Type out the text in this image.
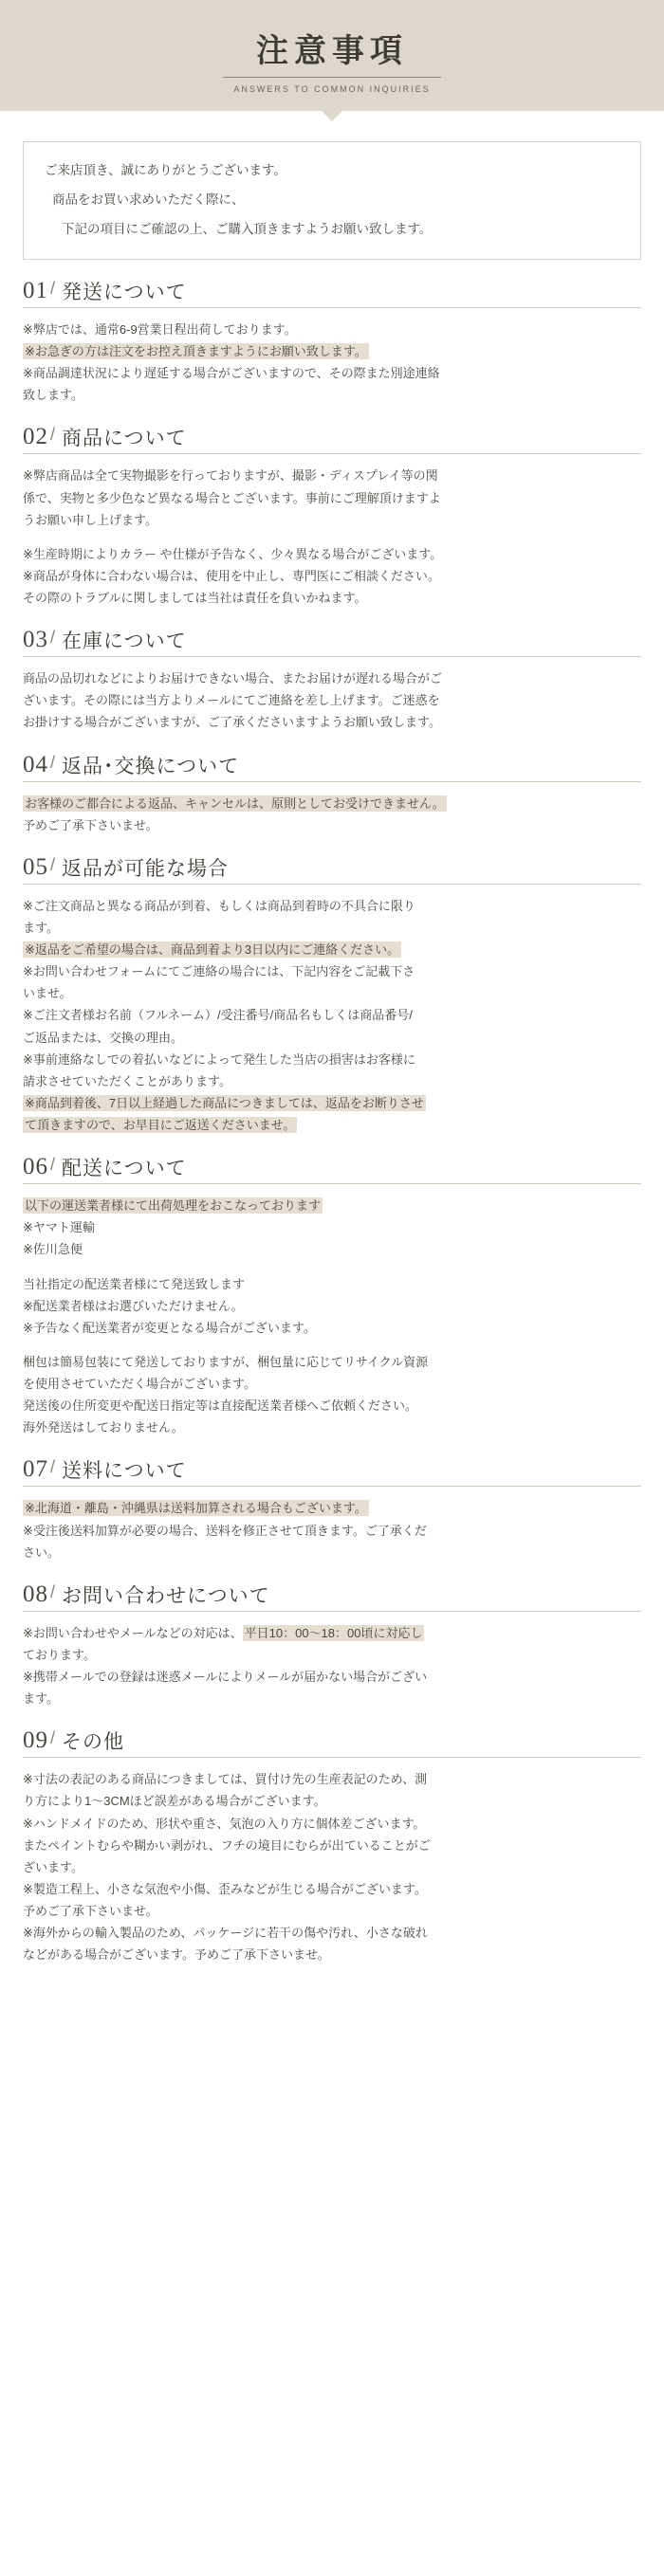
注意事項

ANSWERS TO COMMON INQUIRIES

ご来店頂き、誠にありがとうございます。

商品をお買い求めいただく際に、

下記の項目にご確認の上、ご購入頂きますようお願い致します。

01 / 発送について

※弊店では、通常6-9営業日程出荷しております。

※お急ぎの方は注文をお控え頂きますようにお願い致します。

※商品調達状況により遅延する場合がございますので、その際また別途連絡

致します。

02 / 商品について

※弊店商品は全て実物撮影を行っておりますが、撮影・ディスプレイ等の関

係で、実物と多少色など異なる場合とございます。事前にご理解頂けますよ

うお願い申し上げます。

※生産時期によりカラー や仕様が予告なく、少々異なる場合がございます。

※商品が身体に合わない場合は、使用を中止し、専門医にご相談ください。

その際のトラブルに関しましては当社は責任を負いかねます。

03 / 在庫について

商品の品切れなどによりお届けできない場合、またお届けが遅れる場合がご

ざいます。その際には当方よりメールにてご連絡を差し上げます。ご迷惑を

お掛けする場合がございますが、ご了承くださいますようお願い致します。

04 / 返品･交換について

お客様のご都合による返品、キャンセルは、原則としてお受けできません。

予めご了承下さいませ。

05 / 返品が可能な場合

※ご注文商品と異なる商品が到着、もしくは商品到着時の不具合に限り

ます。

※返品をご希望の場合は、商品到着より3日以内にご連絡ください。

※お問い合わせフォームにてご連絡の場合には、下記内容をご記載下さ

いませ。

※ご注文者様お名前（フルネーム）/受注番号/商品名もしくは商品番号/

ご返品または、交換の理由。

※事前連絡なしでの着払いなどによって発生した当店の損害はお客様に

請求させていただくことがあります。

※商品到着後、7日以上経過した商品につきましては、返品をお断りさせ

て頂きますので、お早目にご返送くださいませ。

06 / 配送について

以下の運送業者様にて出荷処理をおこなっております

※ヤマト運輸

※佐川急便

当社指定の配送業者様にて発送致します

※配送業者様はお選びいただけません。

※予告なく配送業者が変更となる場合がございます。

梱包は簡易包装にて発送しておりますが、梱包量に応じてリサイクル資源

を使用させていただく場合がございます。

発送後の住所変更や配送日指定等は直接配送業者様へご依頼ください。

海外発送はしておりません。

07 / 送料について

※北海道・離島・沖縄県は送料加算される場合もございます。

※受注後送料加算が必要の場合、送料を修正させて頂きます。ご了承くだ

さい。

08 / お問い合わせについて

※お問い合わせやメールなどの対応は、 平日10：00～18：00頃に対応し

ております。

※携帯メールでの登録は迷惑メールによりメールが届かない場合がござい

ます。

09 / その他

※寸法の表記のある商品につきましては、買付け先の生産表記のため、測

り方により1～3CMほど誤差がある場合がございます。

※ハンドメイドのため、形状や重さ、気泡の入り方に個体差ございます。

またペイントむらや糊かい剥がれ、フチの境目にむらが出ていることがご

ざいます。

※製造工程上、小さな気泡や小傷、歪みなどが生じる場合がございます。

予めご了承下さいませ。

※海外からの輸入製品のため、パッケージに若干の傷や汚れ、小さな破れ

などがある場合がございます。予めご了承下さいませ。
